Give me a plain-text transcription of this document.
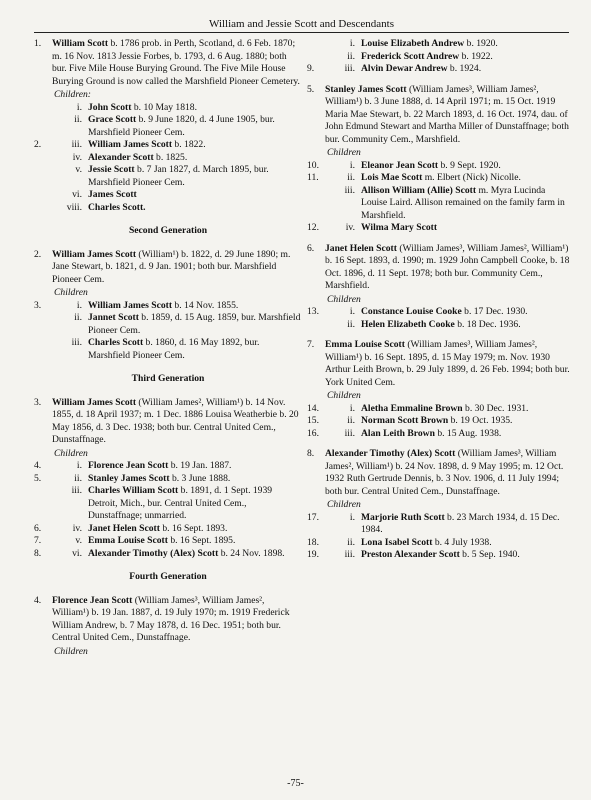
William and Jessie Scott and Descendants
1.	William Scott b. 1786 prob. in Perth, Scotland, d. 6 Feb. 1870; m. 16 Nov. 1813 Jessie Forbes, b. 1793, d. 6 Aug. 1880; both bur. Five Mile House Burying Ground. The Five Mile House Burying Ground is now called the Marshfield Pioneer Cemetery.
Children:
i. John Scott b. 10 May 1818.
ii. Grace Scott b. 9 June 1820, d. 4 June 1905, bur. Marshfield Pioneer Cem.
2.	iii. William James Scott b. 1822.
iv. Alexander Scott b. 1825.
v. Jessie Scott b. 7 Jan 1827, d. March 1895, bur. Marshfield Pioneer Cem.
vi. James Scott
viii. Charles Scott.
Second Generation
2.	William James Scott (William¹) b. 1822, d. 29 June 1890; m. Jane Stewart, b. 1821, d. 9 Jan. 1901; both bur. Marshfield Pioneer Cem.
Children
3.	i. William James Scott b. 14 Nov. 1855.
ii. Jannet Scott b. 1859, d. 15 Aug. 1859, bur. Marshfield Pioneer Cem.
iii. Charles Scott b. 1860, d. 16 May 1892, bur. Marshfield Pioneer Cem.
Third Generation
3.	William James Scott (William James², William¹) b. 14 Nov. 1855, d. 18 April 1937; m. 1 Dec. 1886 Louisa Weatherbie b. 20 May 1856, d. 3 Dec. 1938; both bur. Central United Cem., Dunstaffnage.
Children
4.	i. Florence Jean Scott b. 19 Jan. 1887.
5.	ii. Stanley James Scott b. 3 June 1888.
iii. Charles William Scott b. 1891, d. 1 Sept. 1939 Detroit, Mich., bur. Central United Cem., Dunstaffnage; unmarried.
6.	iv. Janet Helen Scott b. 16 Sept. 1893.
7.	v. Emma Louise Scott b. 16 Sept. 1895.
8.	vi. Alexander Timothy (Alex) Scott b. 24 Nov. 1898.
Fourth Generation
4.	Florence Jean Scott (William James³, William James², William¹) b. 19 Jan. 1887, d. 19 July 1970; m. 1919 Frederick William Andrew, b. 7 May 1878, d. 16 Dec. 1951; both bur. Central United Cem., Dunstaffnage.
Children
i. Louise Elizabeth Andrew b. 1920.
ii. Frederick Scott Andrew b. 1922.
9.	iii. Alvin Dewar Andrew b. 1924.
5.	Stanley James Scott (William James³, William James², William¹) b. 3 June 1888, d. 14 April 1971; m. 15 Oct. 1919 Maria Mae Stewart, b. 22 March 1893, d. 16 Oct. 1974, dau. of John Edmund Stewart and Martha Miller of Dunstaffnage; both bur. Community Cem., Marshfield.
Children
10.	i. Eleanor Jean Scott b. 9 Sept. 1920.
11.	ii. Lois Mae Scott m. Elbert (Nick) Nicolle.
iii. Allison William (Allie) Scott m. Myra Lucinda Louise Laird. Allison remained on the family farm in Marshfield.
12.	iv. Wilma Mary Scott
6.	Janet Helen Scott (William James³, William James², William¹) b. 16 Sept. 1893, d. 1990; m. 1929 John Campbell Cooke, b. 18 Oct. 1896, d. 11 Sept. 1978; both bur. Community Cem., Marshfield.
Children
13.	i. Constance Louise Cooke b. 17 Dec. 1930.
ii. Helen Elizabeth Cooke b. 18 Dec. 1936.
7.	Emma Louise Scott (William James³, William James², William¹) b. 16 Sept. 1895, d. 15 May 1979; m. Nov. 1930 Arthur Leith Brown, b. 29 July 1899, d. 26 Feb. 1994; both bur. York United Cem.
Children
14.	i. Aletha Emmaline Brown b. 30 Dec. 1931.
15.	ii. Norman Scott Brown b. 19 Oct. 1935.
16.	iii. Alan Leith Brown b. 15 Aug. 1938.
8.	Alexander Timothy (Alex) Scott (William James³, William James², William¹) b. 24 Nov. 1898, d. 9 May 1995; m. 12 Oct. 1932 Ruth Gertrude Dennis, b. 3 Nov. 1906, d. 11 July 1994; both bur. Central United Cem., Dunstaffnage.
Children
17.	i. Marjorie Ruth Scott b. 23 March 1934, d. 15 Dec. 1984.
18.	ii. Lona Isabel Scott b. 4 July 1938.
19.	iii. Preston Alexander Scott b. 5 Sep. 1940.
-75-
